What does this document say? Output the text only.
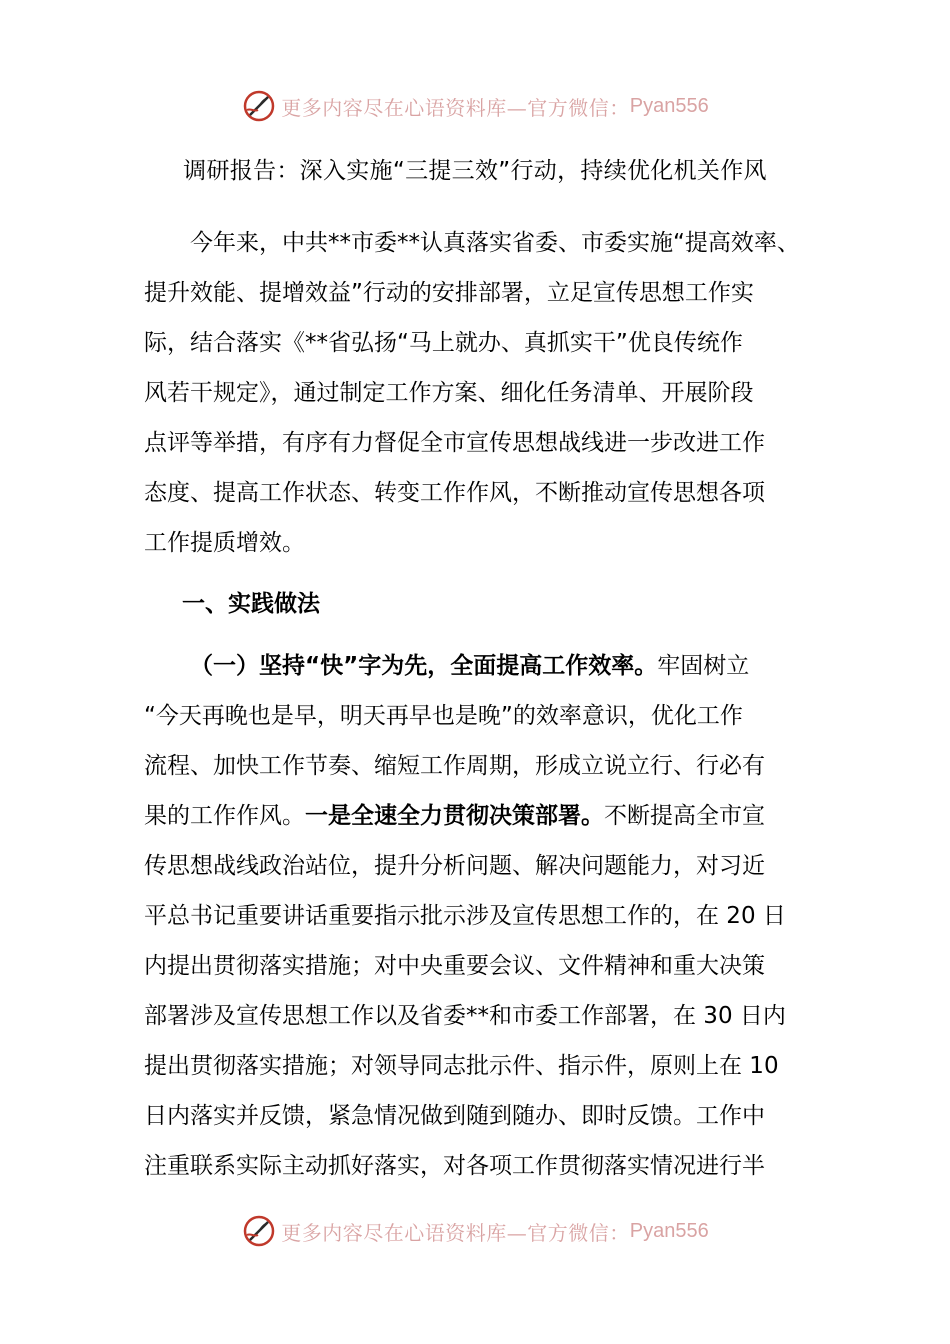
更多内容尽在心语资料库—官方微信： Pyan556
调研报告：深入实施“三提三效”行动，持续优化机关作风
今年来，中共**市委**认真落实省委、市委实施“提高效率、
提升效能、提增效益”行动的安排部署，立足宣传思想工作实
际，结合落实《**省弘扬“马上就办、真抓实干”优良传统作
风若干规定》，通过制定工作方案、细化任务清单、开展阶段
点评等举措，有序有力督促全市宣传思想战线进一步改进工作
态度、提高工作状态、转变工作作风，不断推动宣传思想各项
工作提质增效。
一、实践做法
（一）坚持“快”字为先，全面提高工作效率。牢固树立
“今天再晚也是早，明天再早也是晚”的效率意识，优化工作
流程、加快工作节奏、缩短工作周期，形成立说立行、行必有
果的工作作风。一是全速全力贯彻决策部署。不断提高全市宣
传思想战线政治站位，提升分析问题、解决问题能力，对习近
平总书记重要讲话重要指示批示涉及宣传思想工作的，在 20 日
内提出贯彻落实措施；对中央重要会议、文件精神和重大决策
部署涉及宣传思想工作以及省委**和市委工作部署，在 30 日内
提出贯彻落实措施；对领导同志批示件、指示件，原则上在 10
日内落实并反馈，紧急情况做到随到随办、即时反馈。工作中
注重联系实际主动抓好落实，对各项工作贯彻落实情况进行半
更多内容尽在心语资料库—官方微信： Pyan556
